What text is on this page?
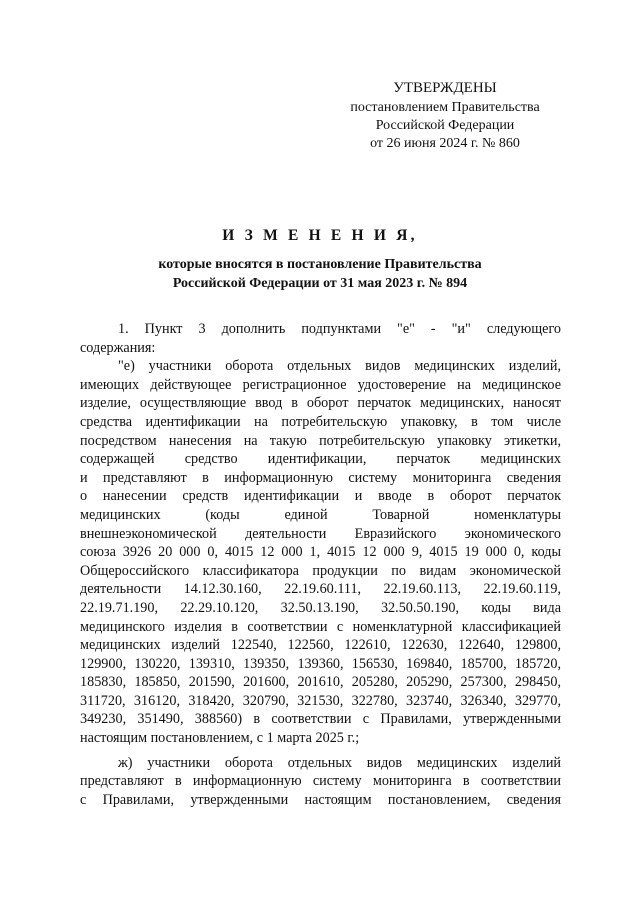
УТВЕРЖДЕНЫ
постановлением Правительства
Российской Федерации
от 26 июня 2024 г. № 860
И З М Е Н Е Н И Я,
которые вносятся в постановление Правительства
Российской Федерации от 31 мая 2023 г. № 894

1. Пункт 3 дополнить подпунктами "е" - "и" следующего

содержания:

"е) участники оборота отдельных видов медицинских изделий,

имеющих действующее регистрационное удостоверение на медицинское

изделие, осуществляющие ввод в оборот перчаток медицинских, наносят

средства идентификации на потребительскую упаковку, в том числе

посредством нанесения на такую потребительскую упаковку этикетки,

содержащей средство идентификации, перчаток медицинских

и представляют в информационную систему мониторинга сведения

о нанесении средств идентификации и вводе в оборот перчаток

медицинских (коды единой Товарной номенклатуры

внешнеэкономической деятельности Евразийского экономического

союза 3926 20 000 0, 4015 12 000 1, 4015 12 000 9, 4015 19 000 0, коды

Общероссийского классификатора продукции по видам экономической

деятельности 14.12.30.160, 22.19.60.111, 22.19.60.113, 22.19.60.119,

22.19.71.190, 22.29.10.120, 32.50.13.190, 32.50.50.190, коды вида

медицинского изделия в соответствии с номенклатурной классификацией

медицинских изделий 122540, 122560, 122610, 122630, 122640, 129800,

129900, 130220, 139310, 139350, 139360, 156530, 169840, 185700, 185720,

185830, 185850, 201590, 201600, 201610, 205280, 205290, 257300, 298450,

311720, 316120, 318420, 320790, 321530, 322780, 323740, 326340, 329770,

349230, 351490, 388560) в соответствии с Правилами, утвержденными

настоящим постановлением, с 1 марта 2025 г.;

ж) участники оборота отдельных видов медицинских изделий

представляют в информационную систему мониторинга в соответствии

с Правилами, утвержденными настоящим постановлением, сведения
